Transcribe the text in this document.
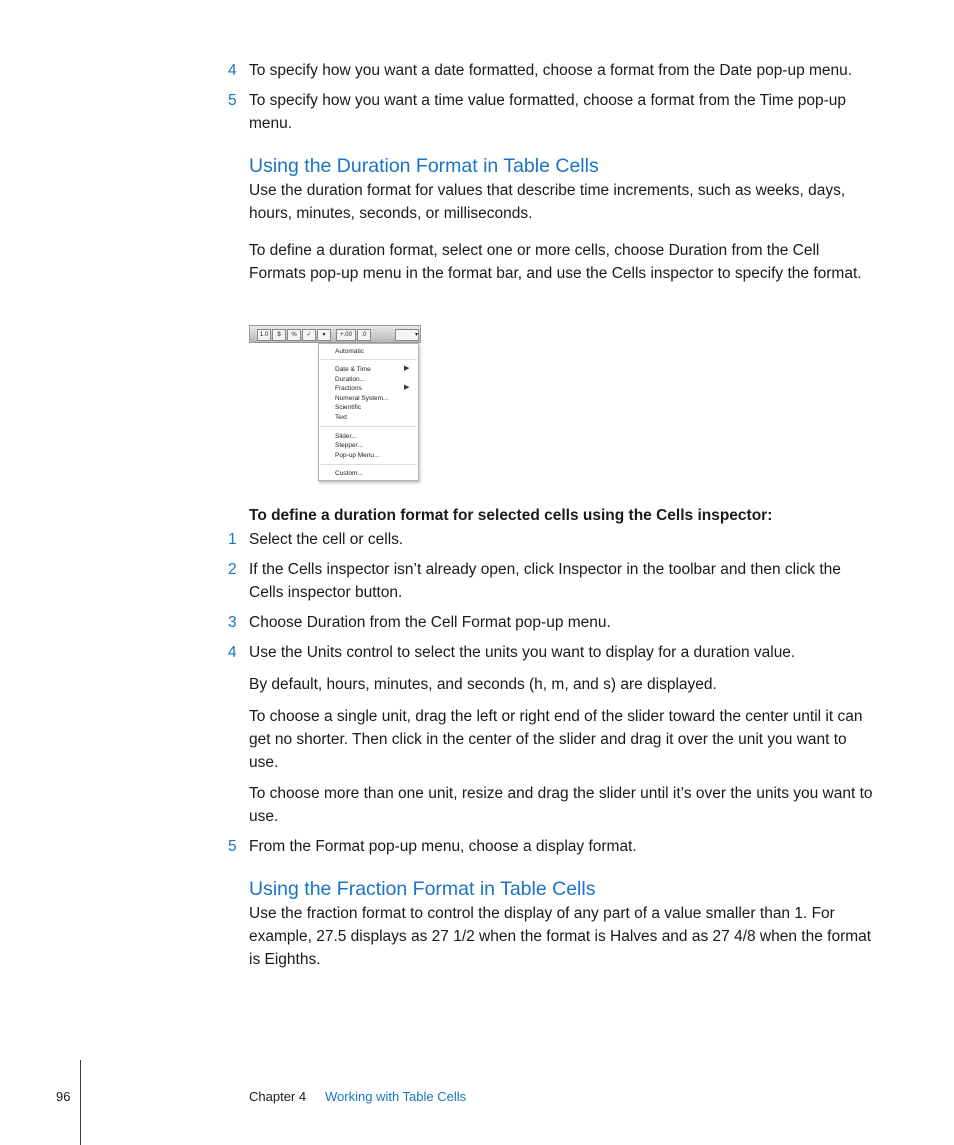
4 To specify how you want a date formatted, choose a format from the Date pop-up menu.
5 To specify how you want a time value formatted, choose a format from the Time pop-up menu.
Using the Duration Format in Table Cells
Use the duration format for values that describe time increments, such as weeks, days, hours, minutes, seconds, or milliseconds.
To define a duration format, select one or more cells, choose Duration from the Cell Formats pop-up menu in the format bar, and use the Cells inspector to specify the format.
1.0	$	%	✓	▾	+.00	.0	▾
Automatic
Date & Time	▶
Duration...
Fractions	▶
Numeral System...
Scientific
Text
Slider...
Stepper...
Pop-up Menu...
Custom...
To define a duration format for selected cells using the Cells inspector:
1 Select the cell or cells.
2 If the Cells inspector isn’t already open, click Inspector in the toolbar and then click the Cells inspector button.
3 Choose Duration from the Cell Format pop-up menu.
4 Use the Units control to select the units you want to display for a duration value.
By default, hours, minutes, and seconds (h, m, and s) are displayed.
To choose a single unit, drag the left or right end of the slider toward the center until it can get no shorter. Then click in the center of the slider and drag it over the unit you want to use.
To choose more than one unit, resize and drag the slider until it’s over the units you want to use.
5 From the Format pop-up menu, choose a display format.
Using the Fraction Format in Table Cells
Use the fraction format to control the display of any part of a value smaller than 1. For example, 27.5 displays as 27 1/2 when the format is Halves and as 27 4/8 when the format is Eighths.
96	Chapter 4 Working with Table Cells
